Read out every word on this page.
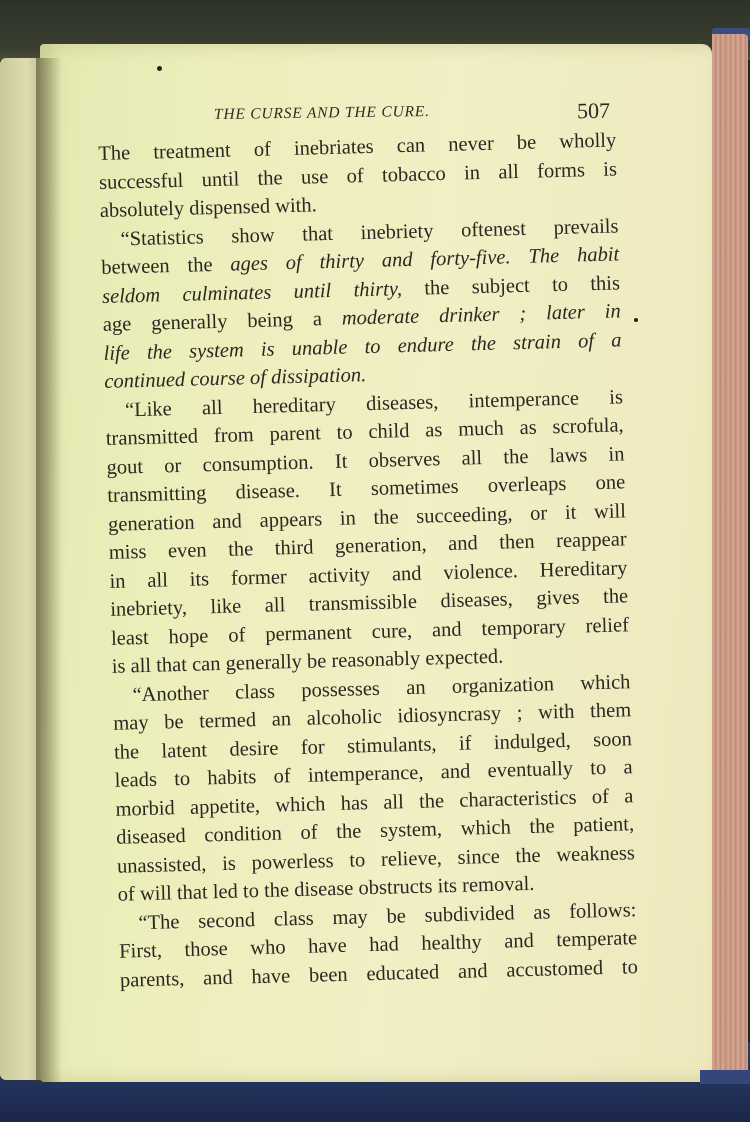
THE CURSE AND THE CURE.	507
The treatment of inebriates can never be wholly
successful until the use of tobacco in all forms is
absolutely dispensed with.
“Statistics show that inebriety oftenest prevails
between the ages of thirty and forty-five. The habit
seldom culminates until thirty, the subject to this
age generally being a moderate drinker ; later in
life the system is unable to endure the strain of a
continued course of dissipation.
“Like all hereditary diseases, intemperance is
transmitted from parent to child as much as scrofula,
gout or consumption. It observes all the laws in
transmitting disease. It sometimes overleaps one
generation and appears in the succeeding, or it will
miss even the third generation, and then reappear
in all its former activity and violence. Hereditary
inebriety, like all transmissible diseases, gives the
least hope of permanent cure, and temporary relief
is all that can generally be reasonably expected.
“Another class possesses an organization which
may be termed an alcoholic idiosyncrasy ; with them
the latent desire for stimulants, if indulged, soon
leads to habits of intemperance, and eventually to a
morbid appetite, which has all the characteristics of a
diseased condition of the system, which the patient,
unassisted, is powerless to relieve, since the weakness
of will that led to the disease obstructs its removal.
“The second class may be subdivided as follows:
First, those who have had healthy and temperate
parents, and have been educated and accustomed to
